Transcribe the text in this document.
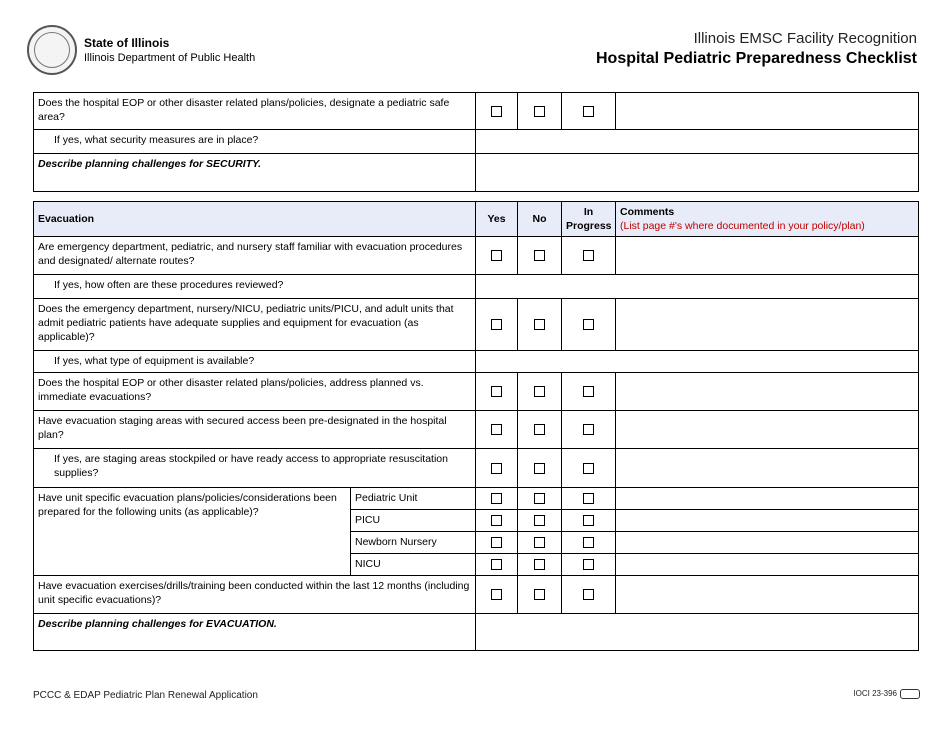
State of Illinois
Illinois Department of Public Health
Illinois EMSC Facility Recognition
Hospital Pediatric Preparedness Checklist
Does the hospital EOP or other disaster related plans/policies, designate a pediatric safe area?				
If yes, what security measures are in place?				
Describe planning challenges for SECURITY.				
Evacuation		Yes	No	In Progress	Comments
(List page #'s where documented in your policy/plan)

Are emergency department, pediatric, and nursery staff familiar with evacuation procedures and designated/ alternate routes?					
If yes, how often are these procedures reviewed?					
Does the emergency department, nursery/NICU, pediatric units/PICU, and adult units that admit pediatric patients have adequate supplies and equipment for evacuation (as applicable)?					
If yes, what type of equipment is available?					
Does the hospital EOP or other disaster related plans/policies, address planned vs. immediate evacuations?					
Have evacuation staging areas with secured access been pre-designated in the hospital plan?					
If yes, are staging areas stockpiled or have ready access to appropriate resuscitation supplies?					
Have unit specific evacuation plans/policies/considerations been prepared for the following units (as applicable)?	Pediatric Unit				
	PICU				
	Newborn Nursery				
	NICU				
Have evacuation exercises/drills/training been conducted within the last 12 months (including unit specific evacuations)?					
Describe planning challenges for EVACUATION.					
PCCC & EDAP Pediatric Plan Renewal Application	IOCI 23-396
